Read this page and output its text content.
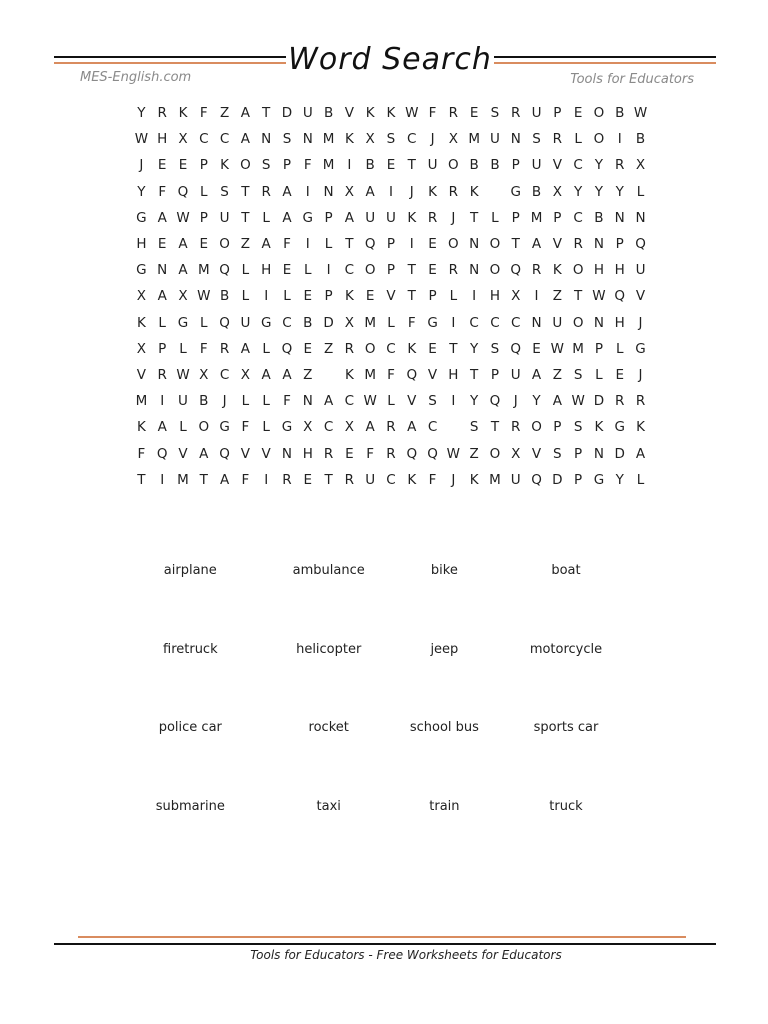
Word Search
MES-English.com	Tools for Educators
Y R K F Z A T D U B V K K W F R E S R U P E O B W
W H X C C A N S N M K X S C	J	X M U N S R L O I	B
J	E E P K O S P F M I	B E T U O B B P U V C Y R X
Y F Q L S T R A	I	N X A	I	J	K R K	G B X Y Y Y L
G A W P U T L A G P A U U K R	J	T L P M P C B N N
H E A E O Z A F	I	L T Q P	I	E O N O T A V R N P Q
G N A M Q L H E L	I	C O P T E R N O Q R K O H H U
X A X W B L	I	L E P K E V T P L	I	H X	I	Z T W Q V
K L G L Q U G C B D X M L F G	I	C C C N U O N H	J
X P L F R A L Q E Z R O C K E T Y S Q E W M P L G
V R W X C X A A Z	K M F Q V H T P U A Z S L E	J
M I	U B	J	L L F N A C W L V S	I	Y Q J	Y A W D R R
K A L O G F L G X C X A R A C	S T R O P S K G K
F Q V A Q V V N H R E F R Q Q W Z O X V S P N D A
T	I M T A F	I	R E T R U C K F	J	K M U Q D P G Y L
airplane	ambulance	bike	boat
firetruck	helicopter	jeep	motorcycle
police car	rocket	school bus	sports car
submarine	taxi	train	truck
Tools for Educators - Free Worksheets for Educators
